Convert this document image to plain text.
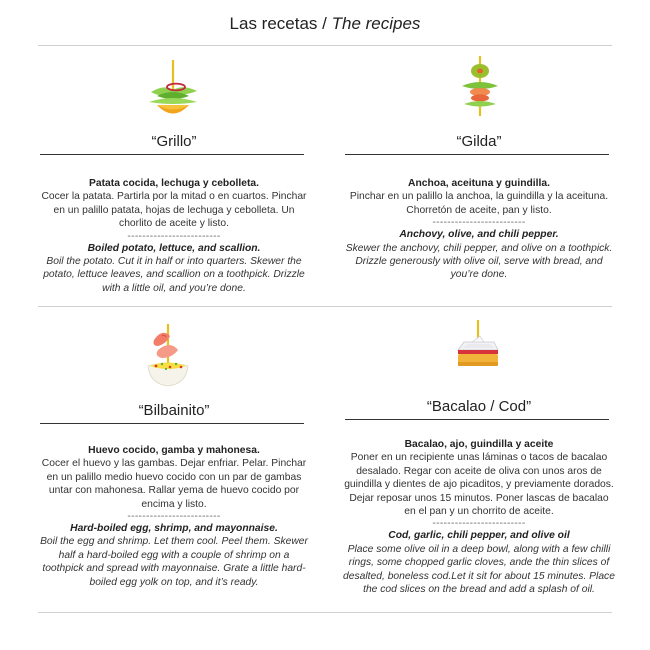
Las recetas / The recipes
“Grillo”

Patata cocida, lechuga y cebolleta.

Cocer la patata. Partirla por la mitad o en cuartos. Pinchar en un palillo patata, hojas de lechuga y cebolleta. Un chorlito de aceite y listo.

-------------------------

Boiled potato, lettuce, and scallion.

Boil the potato. Cut it in half or into quarters. Skewer the potato, lettuce leaves, and scallion on a toothpick. Drizzle with a little oil, and you’re done.

“Gilda”

Anchoa, aceituna y guindilla.

Pinchar en un palillo la anchoa, la guindilla y la aceituna. Chorretón de aceite, pan y listo.

-------------------------

Anchovy, olive, and chili pepper.

Skewer the anchovy, chili pepper, and olive on a toothpick. Drizzle generously with olive oil, serve with bread, and you’re done.

“Bilbainito”

Huevo cocido, gamba y mahonesa.

Cocer el huevo y las gambas. Dejar enfriar. Pelar. Pinchar en un palillo medio huevo cocido con un par de gambas untar con mahonesa. Rallar yema de huevo cocido por encima y listo.

-------------------------

Hard-boiled egg, shrimp, and mayonnaise.

Boil the egg and shrimp. Let them cool. Peel them. Skewer half a hard-boiled egg with a couple of shrimp on a toothpick and spread with mayonnaise. Grate a little hard-boiled egg yolk on top, and it’s ready.

“Bacalao / Cod”

Bacalao, ajo, guindilla y aceite

Poner en un recipiente unas láminas o tacos de bacalao desalado. Regar con aceite de oliva con unos aros de guindilla y dientes de ajo picaditos, y previamente dorados. Dejar reposar unos 15 minutos. Poner lascas de bacalao en el pan y un chorrito de aceite.

-------------------------

Cod, garlic, chili pepper, and olive oil

Place some olive oil in a deep bowl, along with a few chilli rings, some chopped garlic cloves, ande the thin slices of desalted, boneless cod.Let it sit for about 15 minutes. Place the cod slices on the bread and add a splash of oil.
